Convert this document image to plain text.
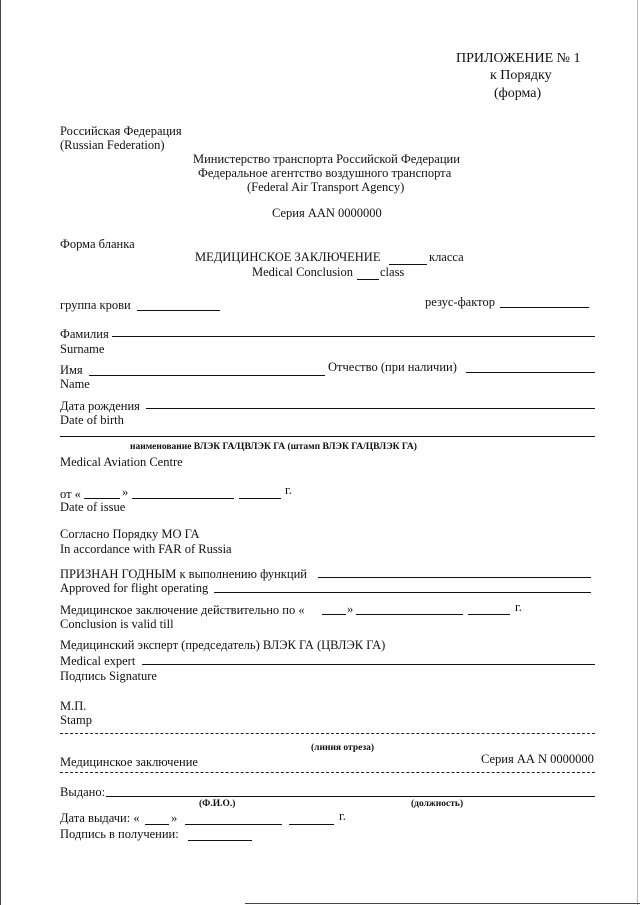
ПРИЛОЖЕНИЕ № 1
к Порядку
(форма)
Российская Федерация
(Russian Federation)
Министерство транспорта Российской Федерации
Федеральное агентство воздушного транспорта
(Federal Air Transport Agency)
Серия AAN 0000000
Форма бланка
МЕДИЦИНСКОЕ ЗАКЛЮЧЕНИЕ	класса
Medical Conclusion class
группа крови	резус-фактор
Фамилия
Surname
Имя	Отчество (при наличии)
Name
Дата рождения
Date of birth
наименование ВЛЭК ГА/ЦВЛЭК ГА (штамп ВЛЭК ГА/ЦВЛЭК ГА)
Medical Aviation Centre
от «	»	г.
Date of issue
Согласно Порядку МО ГА
In accordance with FAR of Russia
ПРИЗНАН ГОДНЫМ к выполнению функций
Approved for flight operating
Медицинское заключение действительно по «	»	г.
Conclusion is valid till
Медицинский эксперт (председатель) ВЛЭК ГА (ЦВЛЭК ГА)
Medical expert
Подпись Signature
М.П.
Stamp
(линия отреза)
Медицинское заключение	Серия АА N 0000000
Выдано:
(Ф.И.О.)	(должность)
Дата выдачи: «	»	г.
Подпись в получении:
